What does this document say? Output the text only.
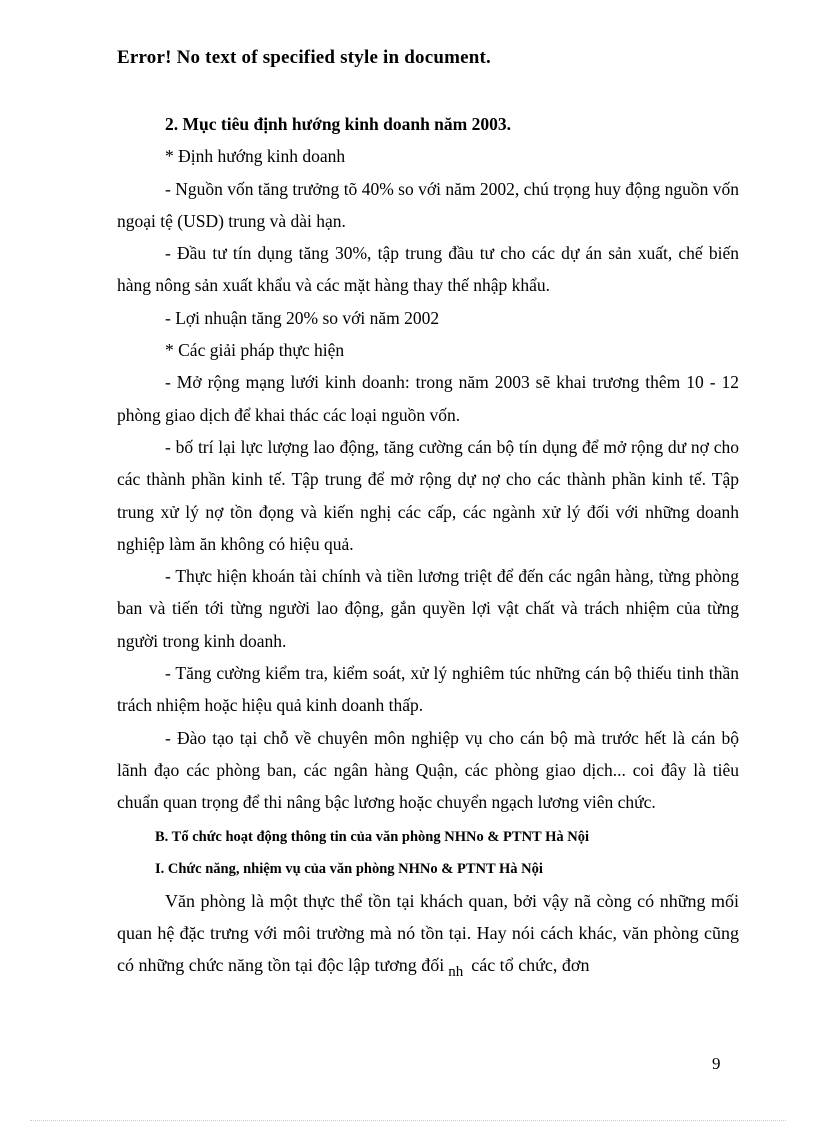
Error! No text of specified style in document.

2. Mục tiêu định hướng kinh doanh năm 2003.

* Định hướng kinh doanh

- Nguồn vốn tăng trưởng tõ 40% so với năm 2002, chú trọng huy động nguồn vốn ngoại tệ (USD) trung và dài hạn.

- Đầu tư tín dụng tăng 30%, tập trung đầu tư cho các dự án sản xuất, chế biến hàng nông sản xuất khẩu và các mặt hàng thay thế nhập khẩu.

- Lợi nhuận tăng 20% so với năm 2002

* Các giải pháp thực hiện

- Mở rộng mạng lưới kinh doanh: trong năm 2003 sẽ khai trương thêm 10 - 12 phòng giao dịch để khai thác các loại nguồn vốn.

- bố trí lại lực lượng lao động, tăng cường cán bộ tín dụng để mở rộng dư nợ cho các thành phần kinh tế. Tập trung để mở rộng dự nợ cho các thành phần kinh tế. Tập trung xử lý nợ tồn đọng và kiến nghị các cấp, các ngành xử lý đối với những doanh nghiệp làm ăn không có hiệu quả.

- Thực hiện khoán tài chính và tiền lương triệt để đến các ngân hàng, từng phòng ban và tiến tới từng người lao động, gắn quyền lợi vật chất và trách nhiệm của từng người trong kinh doanh.

- Tăng cường kiểm tra, kiểm soát, xử lý nghiêm túc những cán bộ thiếu tinh thần trách nhiệm hoặc hiệu quả kinh doanh thấp.

- Đào tạo tại chỗ về chuyên môn nghiệp vụ cho cán bộ mà trước hết là cán bộ lãnh đạo các phòng ban, các ngân hàng Quận, các phòng giao dịch... coi đây là tiêu chuẩn quan trọng để thi nâng bậc lương hoặc chuyển ngạch lương viên chức.

B. Tổ chức hoạt động thông tin của văn phòng NHNo & PTNT Hà Nội

I. Chức năng, nhiệm vụ của văn phòng NHNo & PTNT Hà Nội

Văn phòng là một thực thể tồn tại khách quan, bởi vậy nã còng có những mối quan hệ đặc trưng với môi trường mà nó tồn tại. Hay nói cách khác, văn phòng cũng có những chức năng tồn tại độc lập tương đối $_{nh}$ các tổ chức, đơn

9
